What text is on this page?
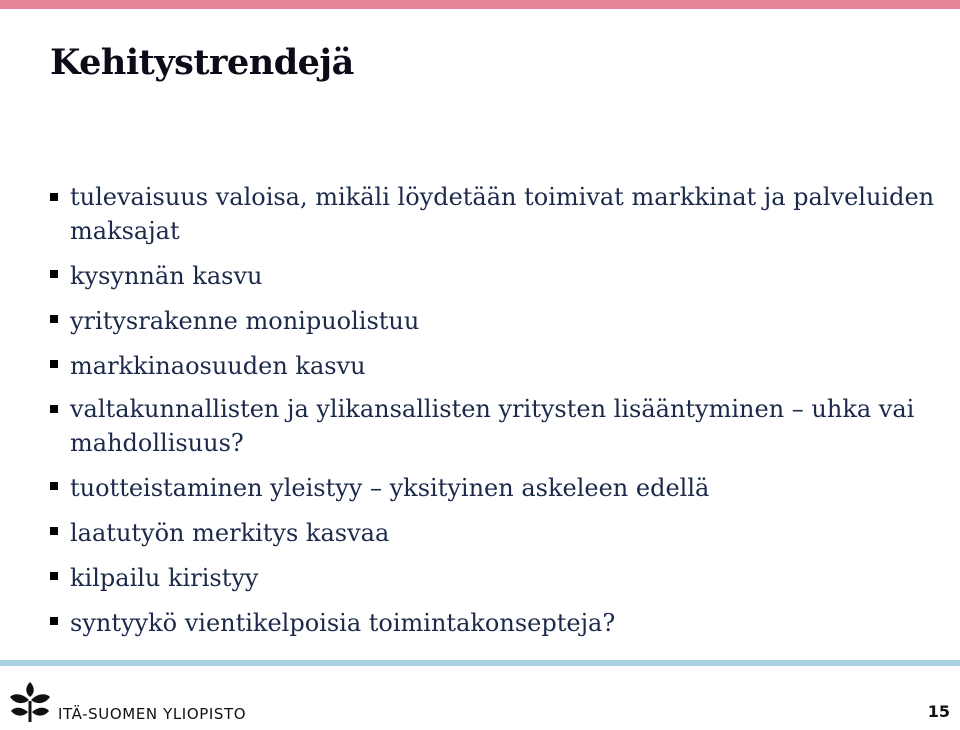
Kehitystrendejä
tulevaisuus valoisa, mikäli löydetään toimivat markkinat ja palveluiden maksajat
kysynnän kasvu
yritysrakenne monipuolistuu
markkinaosuuden kasvu
valtakunnallisten ja ylikansallisten yritysten lisääntyminen – uhka vai mahdollisuus?
tuotteistaminen yleistyy – yksityinen askeleen edellä
laatutyön merkitys kasvaa
kilpailu kiristyy
syntyykö vientikelpoisia toimintakonsepteja?
ITÄ-SUOMEN YLIOPISTO	15
